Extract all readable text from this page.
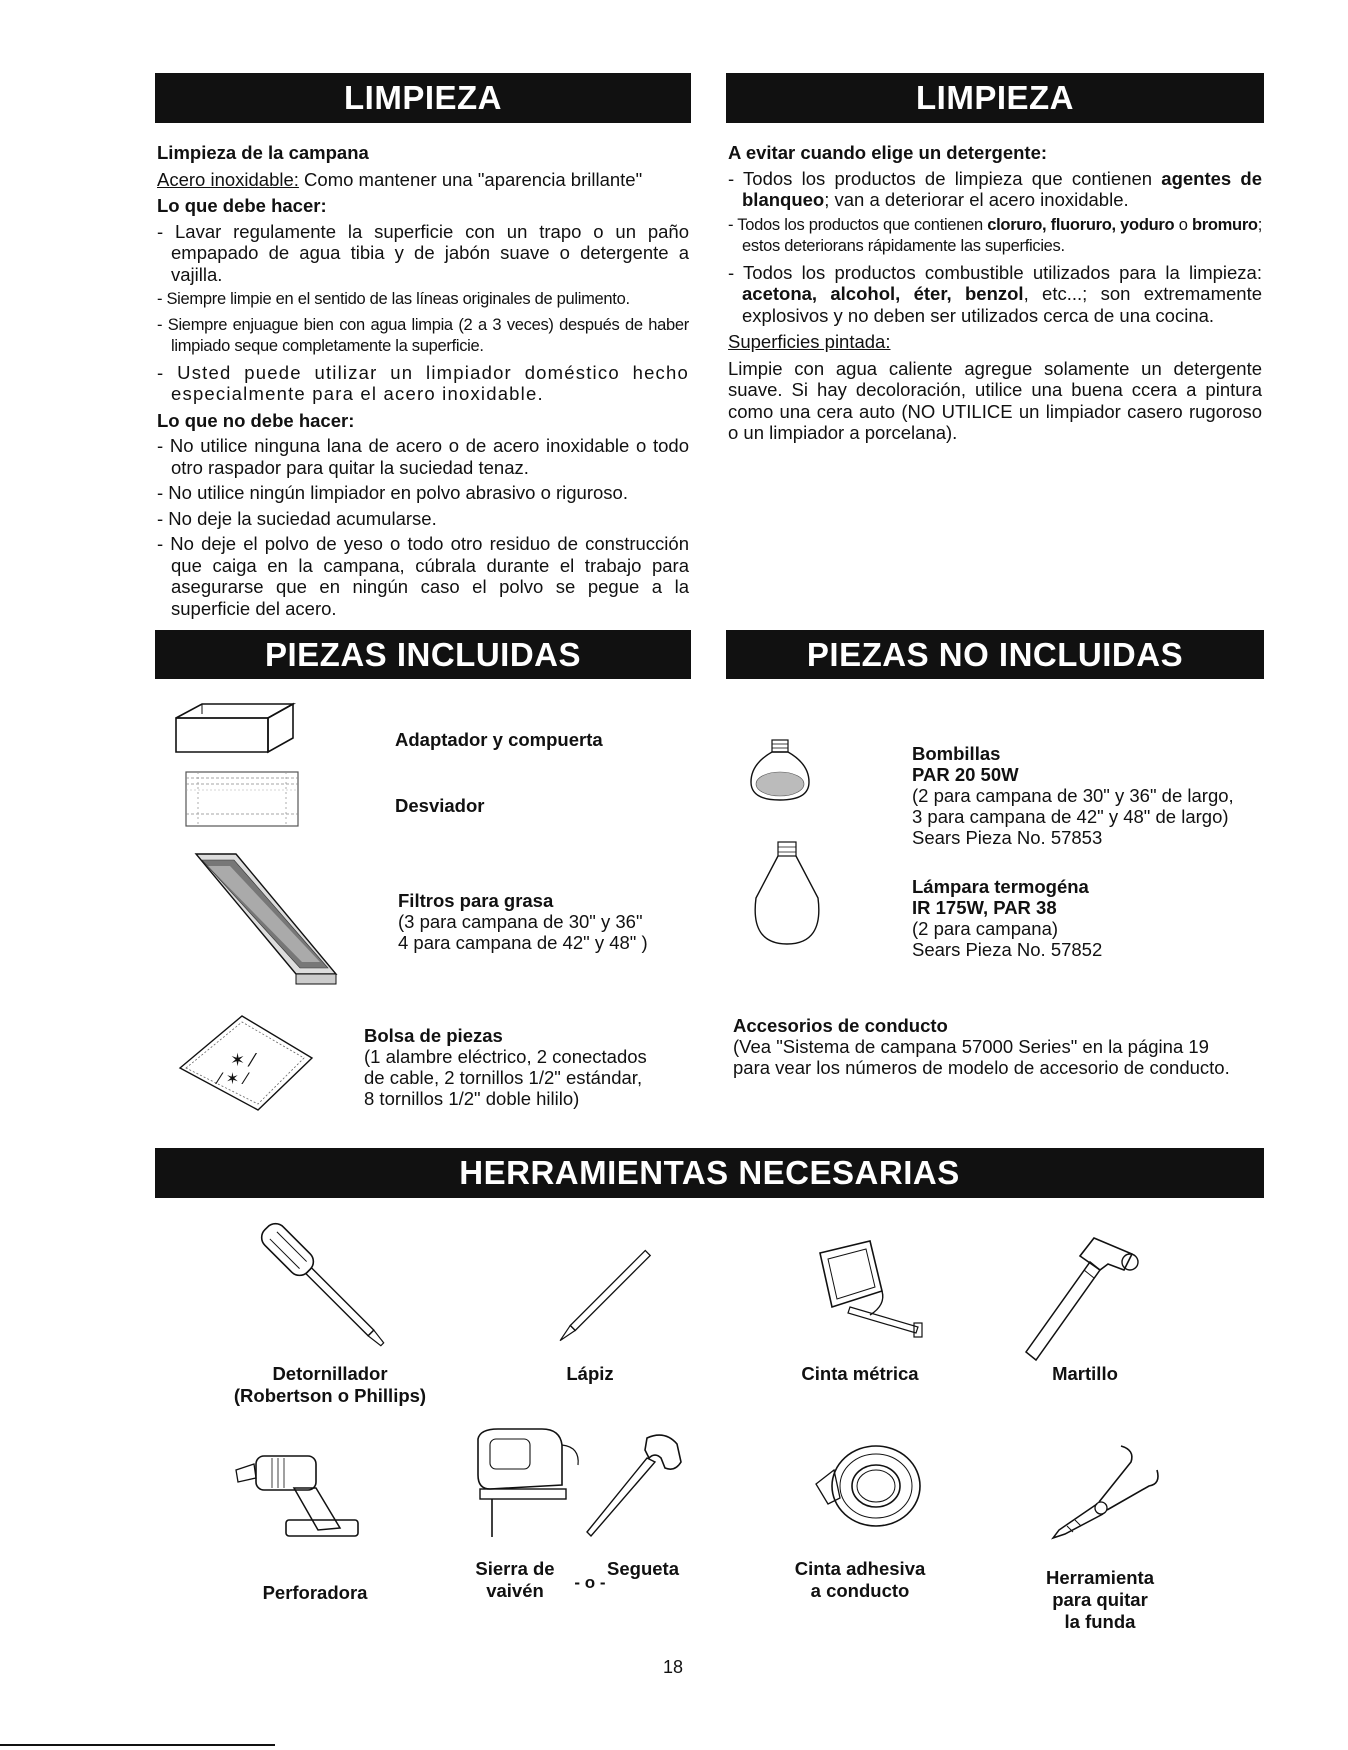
LIMPIEZA	LIMPIEZA
PIEZAS INCLUIDAS	PIEZAS NO INCLUIDAS
HERRAMIENTAS NECESARIAS
Limpieza de la campana
Acero inoxidable: Como mantener una "aparencia brillante"
Lo que debe hacer:
- Lavar regulamente la superficie con un trapo o un paño empapado de agua tibia y de jabón suave o detergente a vajilla.
- Siempre limpie en el sentido de las líneas originales de pulimento.
- Siempre enjuague bien con agua limpia (2 a 3 veces) después de haber limpiado seque completamente la superficie.
- Usted puede utilizar un limpiador doméstico hecho especialmente para el acero inoxidable.
Lo que no debe hacer:
- No utilice ninguna lana de acero o de acero inoxidable o todo otro raspador para quitar la suciedad tenaz.
- No utilice ningún limpiador en polvo abrasivo o riguroso.
- No deje la suciedad acumularse.
- No deje el polvo de yeso o todo otro residuo de construcción que caiga en la campana, cúbrala durante el trabajo para asegurarse que en ningún caso el polvo se pegue a la superficie del acero.
A evitar cuando elige un detergente:
- Todos los productos de limpieza que contienen agentes de blanqueo; van a deteriorar el acero inoxidable.
- Todos los productos que contienen cloruro, fluoruro, yoduro o bromuro; estos deteriorans rápidamente las superficies.
- Todos los productos combustible utilizados para la limpieza: acetona, alcohol, éter, benzol, etc...; son extremamente explosivos y no deben ser utilizados cerca de una cocina.
Superficies pintada:
Limpie con agua caliente agregue solamente un detergente suave. Si hay decoloración, utilice una buena ccera a pintura como una cera auto (NO UTILICE un limpiador casero rugoroso o un limpiador a porcelana).
✶ ⁄
⁄ ✶ ⁄
Adaptador y compuerta
Desviador
Filtros para grasa
(3 para campana de 30" y 36"
4 para campana de 42" y 48" )
Bolsa de piezas
(1 alambre eléctrico, 2 conectados
de cable, 2 tornillos 1/2" estándar,
8 tornillos 1/2" doble hililo)
Bombillas
PAR 20 50W
(2 para campana de 30" y 36" de largo,
3 para campana de 42" y 48" de largo)
Sears Pieza No. 57853
Lámpara termogéna
IR 175W, PAR 38
(2 para campana)
Sears Pieza No. 57852
Accesorios de conducto
(Vea "Sistema de campana 57000 Series" en la página 19
para vear los números de modelo de accesorio de conducto.
Detornillador
(Robertson o Phillips)
Lápiz	Cinta métrica	Martillo
Perforadora
Sierra de
vaivén	- o -
Segueta	Cinta adhesiva
a conducto
Herramienta
para quitar
la funda
18
